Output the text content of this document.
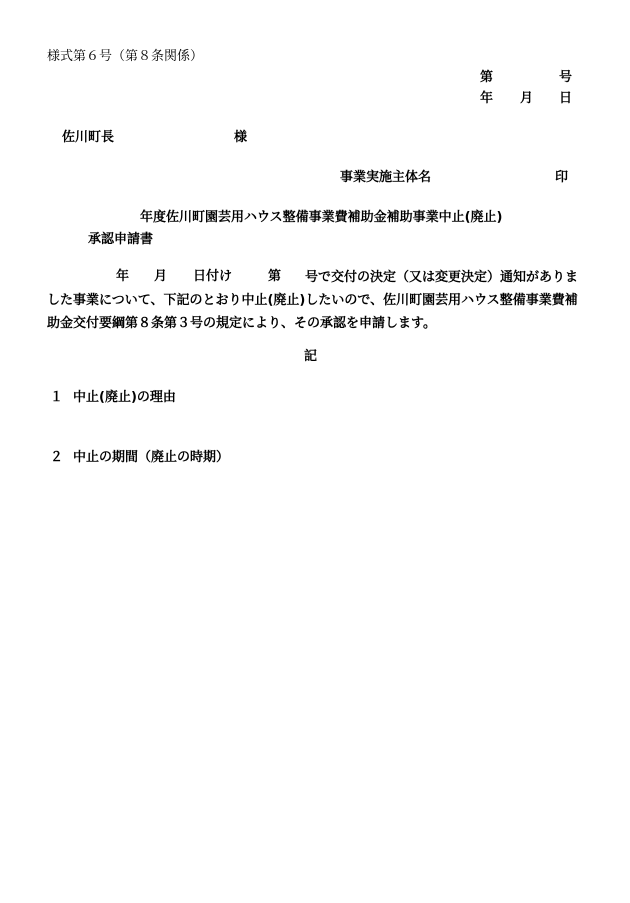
様式第６号（第８条関係）
第	号
年 月 日
佐川町長	様
事業実施主体名	印
年度佐川町園芸用ハウス整備事業費補助金補助事業中止(廃止)
承認申請書
年 月 日付け	第	号で交付の決定（又は変更決定）通知がありました事業について、下記のとおり中止(廃止)したいので、佐川町園芸用ハウス整備事業費補助金交付要綱第８条第３号の規定により、その承認を申請します。
記
１ 中止(廃止)の理由
２ 中止の期間（廃止の時期）
